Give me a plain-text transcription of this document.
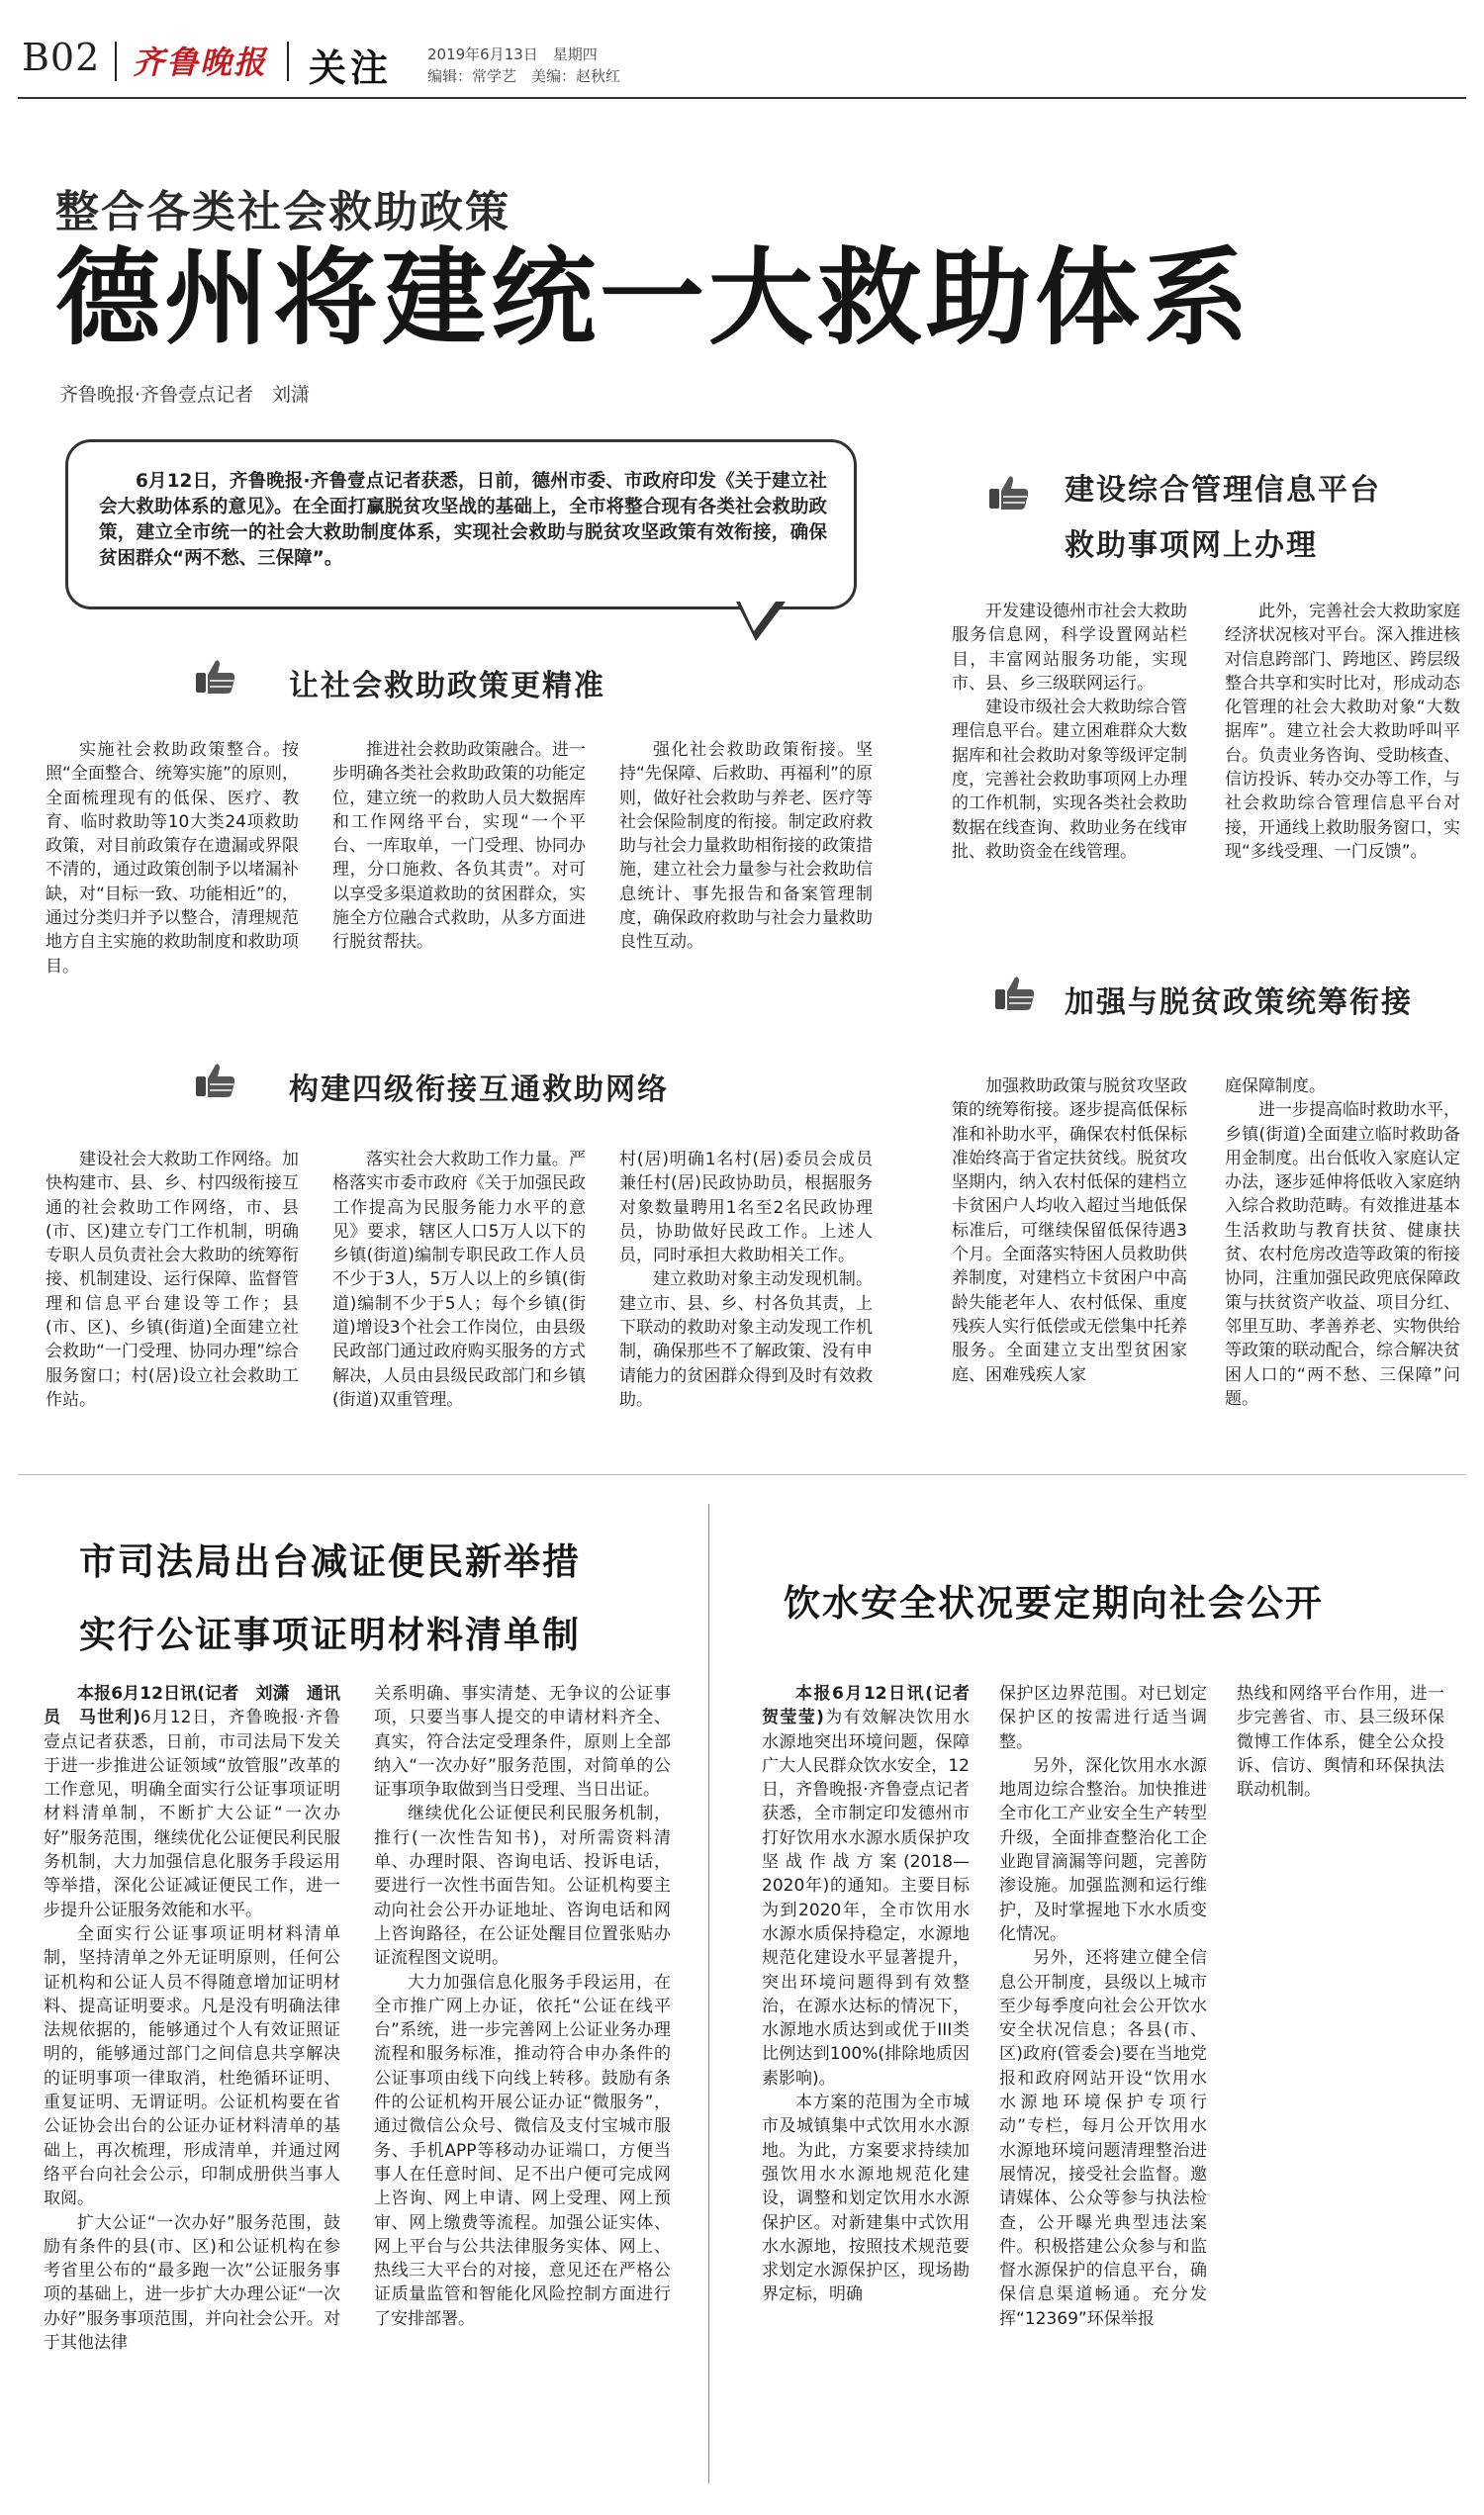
B02 齐鲁晚报 关注 2019年6月13日　星期四
编辑：常学艺　美编：赵秋红
整合各类社会救助政策
德州将建统一大救助体系
齐鲁晚报·齐鲁壹点记者　刘潇
6月12日，齐鲁晚报·齐鲁壹点记者获悉，日前，德州市委、市政府印发《关于建立社会大救助体系的意见》。在全面打赢脱贫攻坚战的基础上，全市将整合现有各类社会救助政策，建立全市统一的社会大救助制度体系，实现社会救助与脱贫攻坚政策有效衔接，确保贫困群众“两不愁、三保障”。
让社会救助政策更精准

实施社会救助政策整合。按照“全面整合、统筹实施”的原则，全面梳理现有的低保、医疗、教育、临时救助等10大类24项救助政策，对目前政策存在遗漏或界限不清的，通过政策创制予以堵漏补缺，对“目标一致、功能相近”的，通过分类归并予以整合，清理规范地方自主实施的救助制度和救助项目。

推进社会救助政策融合。进一步明确各类社会救助政策的功能定位，建立统一的救助人员大数据库和工作网络平台，实现“一个平台、一库取单，一门受理、协同办理，分口施救、各负其责”。对可以享受多渠道救助的贫困群众，实施全方位融合式救助，从多方面进行脱贫帮扶。

强化社会救助政策衔接。坚持“先保障、后救助、再福利”的原则，做好社会救助与养老、医疗等社会保险制度的衔接。制定政府救助与社会力量救助相衔接的政策措施，建立社会力量参与社会救助信息统计、事先报告和备案管理制度，确保政府救助与社会力量救助良性互动。

构建四级衔接互通救助网络

建设社会大救助工作网络。加快构建市、县、乡、村四级衔接互通的社会救助工作网络，市、县(市、区)建立专门工作机制，明确专职人员负责社会大救助的统筹衔接、机制建设、运行保障、监督管理和信息平台建设等工作；县(市、区)、乡镇(街道)全面建立社会救助“一门受理、协同办理”综合服务窗口；村(居)设立社会救助工作站。

落实社会大救助工作力量。严格落实市委市政府《关于加强民政工作提高为民服务能力水平的意见》要求，辖区人口5万人以下的乡镇(街道)编制专职民政工作人员不少于3人，5万人以上的乡镇(街道)编制不少于5人；每个乡镇(街道)增设3个社会工作岗位，由县级民政部门通过政府购买服务的方式解决，人员由县级民政部门和乡镇(街道)双重管理。

村(居)明确1名村(居)委员会成员兼任村(居)民政协助员，根据服务对象数量聘用1名至2名民政协理员，协助做好民政工作。上述人员，同时承担大救助相关工作。

建立救助对象主动发现机制。建立市、县、乡、村各负其责，上下联动的救助对象主动发现工作机制，确保那些不了解政策、没有申请能力的贫困群众得到及时有效救助。

建设综合管理信息平台
救助事项网上办理

开发建设德州市社会大救助服务信息网，科学设置网站栏目，丰富网站服务功能，实现市、县、乡三级联网运行。

建设市级社会大救助综合管理信息平台。建立困难群众大数据库和社会救助对象等级评定制度，完善社会救助事项网上办理的工作机制，实现各类社会救助数据在线查询、救助业务在线审批、救助资金在线管理。

此外，完善社会大救助家庭经济状况核对平台。深入推进核对信息跨部门、跨地区、跨层级整合共享和实时比对，形成动态化管理的社会大救助对象“大数据库”。建立社会大救助呼叫平台。负责业务咨询、受助核查、信访投诉、转办交办等工作，与社会救助综合管理信息平台对接，开通线上救助服务窗口，实现“多线受理、一门反馈”。

加强与脱贫政策统筹衔接

加强救助政策与脱贫攻坚政策的统筹衔接。逐步提高低保标准和补助水平，确保农村低保标准始终高于省定扶贫线。脱贫攻坚期内，纳入农村低保的建档立卡贫困户人均收入超过当地低保标准后，可继续保留低保待遇3个月。全面落实特困人员救助供养制度，对建档立卡贫困户中高龄失能老年人、农村低保、重度残疾人实行低偿或无偿集中托养服务。全面建立支出型贫困家庭、困难残疾人家

庭保障制度。

进一步提高临时救助水平，乡镇(街道)全面建立临时救助备用金制度。出台低收入家庭认定办法，逐步延伸将低收入家庭纳入综合救助范畴。有效推进基本生活救助与教育扶贫、健康扶贫、农村危房改造等政策的衔接协同，注重加强民政兜底保障政策与扶贫资产收益、项目分红、邻里互助、孝善养老、实物供给等政策的联动配合，综合解决贫困人口的“两不愁、三保障”问题。

市司法局出台减证便民新举措
实行公证事项证明材料清单制

本报6月12日讯(记者　刘潇　通讯员　马世利)6月12日，齐鲁晚报·齐鲁壹点记者获悉，日前，市司法局下发关于进一步推进公证领域“放管服”改革的工作意见，明确全面实行公证事项证明材料清单制，不断扩大公证“一次办好”服务范围，继续优化公证便民利民服务机制，大力加强信息化服务手段运用等举措，深化公证减证便民工作，进一步提升公证服务效能和水平。

全面实行公证事项证明材料清单制，坚持清单之外无证明原则，任何公证机构和公证人员不得随意增加证明材料、提高证明要求。凡是没有明确法律法规依据的，能够通过个人有效证照证明的，能够通过部门之间信息共享解决的证明事项一律取消，杜绝循环证明、重复证明、无谓证明。公证机构要在省公证协会出台的公证办证材料清单的基础上，再次梳理，形成清单，并通过网络平台向社会公示，印制成册供当事人取阅。

扩大公证“一次办好”服务范围，鼓励有条件的县(市、区)和公证机构在参考省里公布的“最多跑一次”公证服务事项的基础上，进一步扩大办理公证“一次办好”服务事项范围，并向社会公开。对于其他法律

关系明确、事实清楚、无争议的公证事项，只要当事人提交的申请材料齐全、真实，符合法定受理条件，原则上全部纳入“一次办好”服务范围，对简单的公证事项争取做到当日受理、当日出证。

继续优化公证便民利民服务机制，推行(一次性告知书)，对所需资料清单、办理时限、咨询电话、投诉电话，要进行一次性书面告知。公证机构要主动向社会公开办证地址、咨询电话和网上咨询路径，在公证处醒目位置张贴办证流程图文说明。

大力加强信息化服务手段运用，在全市推广网上办证，依托“公证在线平台”系统，进一步完善网上公证业务办理流程和服务标准，推动符合申办条件的公证事项由线下向线上转移。鼓励有条件的公证机构开展公证办证“微服务”，通过微信公众号、微信及支付宝城市服务、手机APP等移动办证端口，方便当事人在任意时间、足不出户便可完成网上咨询、网上申请、网上受理、网上预审、网上缴费等流程。加强公证实体、网上平台与公共法律服务实体、网上、热线三大平台的对接，意见还在严格公证质量监管和智能化风险控制方面进行了安排部署。

饮水安全状况要定期向社会公开

本报6月12日讯(记者　贺莹莹)为有效解决饮用水水源地突出环境问题，保障广大人民群众饮水安全，12日，齐鲁晚报·齐鲁壹点记者获悉，全市制定印发德州市打好饮用水水源水质保护攻坚战作战方案(2018—2020年)的通知。主要目标为到2020年，全市饮用水水源水质保持稳定，水源地规范化建设水平显著提升，突出环境问题得到有效整治，在源水达标的情况下，水源地水质达到或优于III类比例达到100%(排除地质因素影响)。

本方案的范围为全市城市及城镇集中式饮用水水源地。为此，方案要求持续加强饮用水水源地规范化建设，调整和划定饮用水水源保护区。对新建集中式饮用水水源地，按照技术规范要求划定水源保护区，现场勘界定标，明确

保护区边界范围。对已划定保护区的按需进行适当调整。

另外，深化饮用水水源地周边综合整治。加快推进全市化工产业安全生产转型升级，全面排查整治化工企业跑冒滴漏等问题，完善防渗设施。加强监测和运行维护，及时掌握地下水水质变化情况。

另外，还将建立健全信息公开制度，县级以上城市至少每季度向社会公开饮水安全状况信息；各县(市、区)政府(管委会)要在当地党报和政府网站开设“饮用水水源地环境保护专项行动”专栏，每月公开饮用水水源地环境问题清理整治进展情况，接受社会监督。邀请媒体、公众等参与执法检查，公开曝光典型违法案件。积极搭建公众参与和监督水源保护的信息平台，确保信息渠道畅通。充分发挥“12369”环保举报

热线和网络平台作用，进一步完善省、市、县三级环保微博工作体系，健全公众投诉、信访、舆情和环保执法联动机制。
